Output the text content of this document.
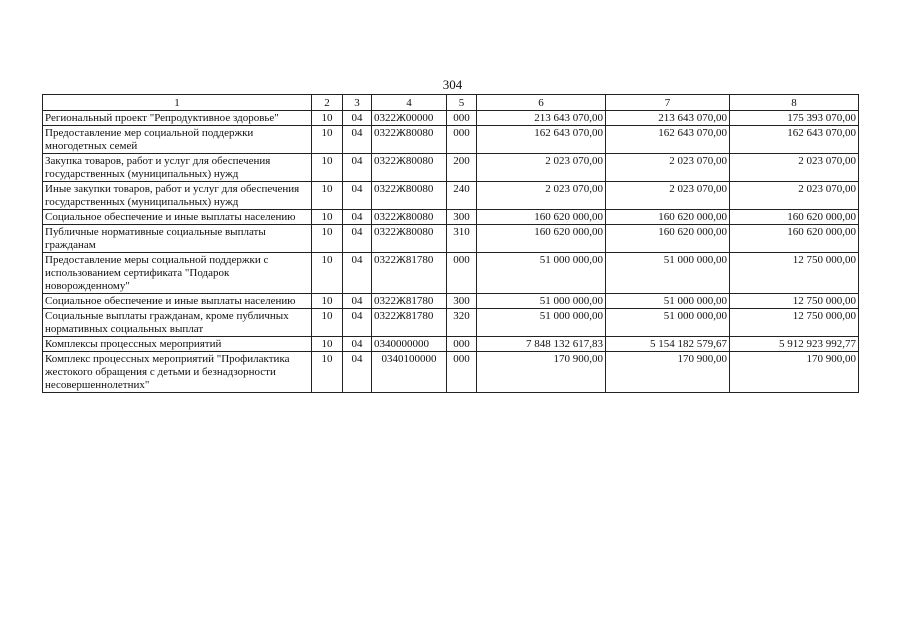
304
1	2	3	4	5	6	7	8
Региональный проект "Репродуктивное здоровье"	10	04	0322Ж00000	000	213 643 070,00	213 643 070,00	175 393 070,00
Предоставление мер социальной поддержки многодетных семей	10	04	0322Ж80080	000	162 643 070,00	162 643 070,00	162 643 070,00
Закупка товаров, работ и услуг для обеспечения государственных (муниципальных) нужд	10	04	0322Ж80080	200	2 023 070,00	2 023 070,00	2 023 070,00
Иные закупки товаров, работ и услуг для обеспечения государственных (муниципальных) нужд	10	04	0322Ж80080	240	2 023 070,00	2 023 070,00	2 023 070,00
Социальное обеспечение и иные выплаты населению	10	04	0322Ж80080	300	160 620 000,00	160 620 000,00	160 620 000,00
Публичные нормативные социальные выплаты гражданам	10	04	0322Ж80080	310	160 620 000,00	160 620 000,00	160 620 000,00
Предоставление меры социальной поддержки с использованием сертификата "Подарок новорожденному"	10	04	0322Ж81780	000	51 000 000,00	51 000 000,00	12 750 000,00
Социальное обеспечение и иные выплаты населению	10	04	0322Ж81780	300	51 000 000,00	51 000 000,00	12 750 000,00
Социальные выплаты гражданам, кроме публичных нормативных социальных выплат	10	04	0322Ж81780	320	51 000 000,00	51 000 000,00	12 750 000,00
Комплексы процессных мероприятий	10	04	0340000000	000	7 848 132 617,83	5 154 182 579,67	5 912 923 992,77
Комплекс процессных мероприятий "Профилактика жестокого обращения с детьми и безнадзорности несовершеннолетних"	10	04	0340100000	000	170 900,00	170 900,00	170 900,00
